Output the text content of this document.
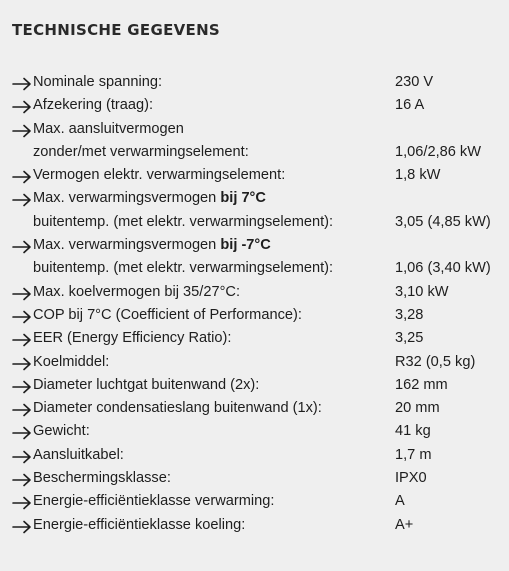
TECHNISCHE GEGEVENS
Nominale spanning:	230 V
Afzekering (traag):	16 A
Max. aansluitvermogen
zonder/met verwarmingselement:	1,06/2,86 kW
Vermogen elektr. verwarmingselement:	1,8 kW
Max. verwarmingsvermogen bij 7°C
buitentemp. (met elektr. verwarmingselement):	3,05 (4,85 kW)
Max. verwarmingsvermogen bij -7°C
buitentemp. (met elektr. verwarmingselement):	1,06 (3,40 kW)
Max. koelvermogen bij 35/27°C:	3,10 kW
COP bij 7°C (Coefficient of Performance):	3,28
EER (Energy Efficiency Ratio):	3,25
Koelmiddel:	R32 (0,5 kg)
Diameter luchtgat buitenwand (2x):	162 mm
Diameter condensatieslang buitenwand (1x):	20 mm
Gewicht:	41 kg
Aansluitkabel:	1,7 m
Beschermingsklasse:	IPX0
Energie-efficiëntieklasse verwarming:	A
Energie-efficiëntieklasse koeling:	A+
